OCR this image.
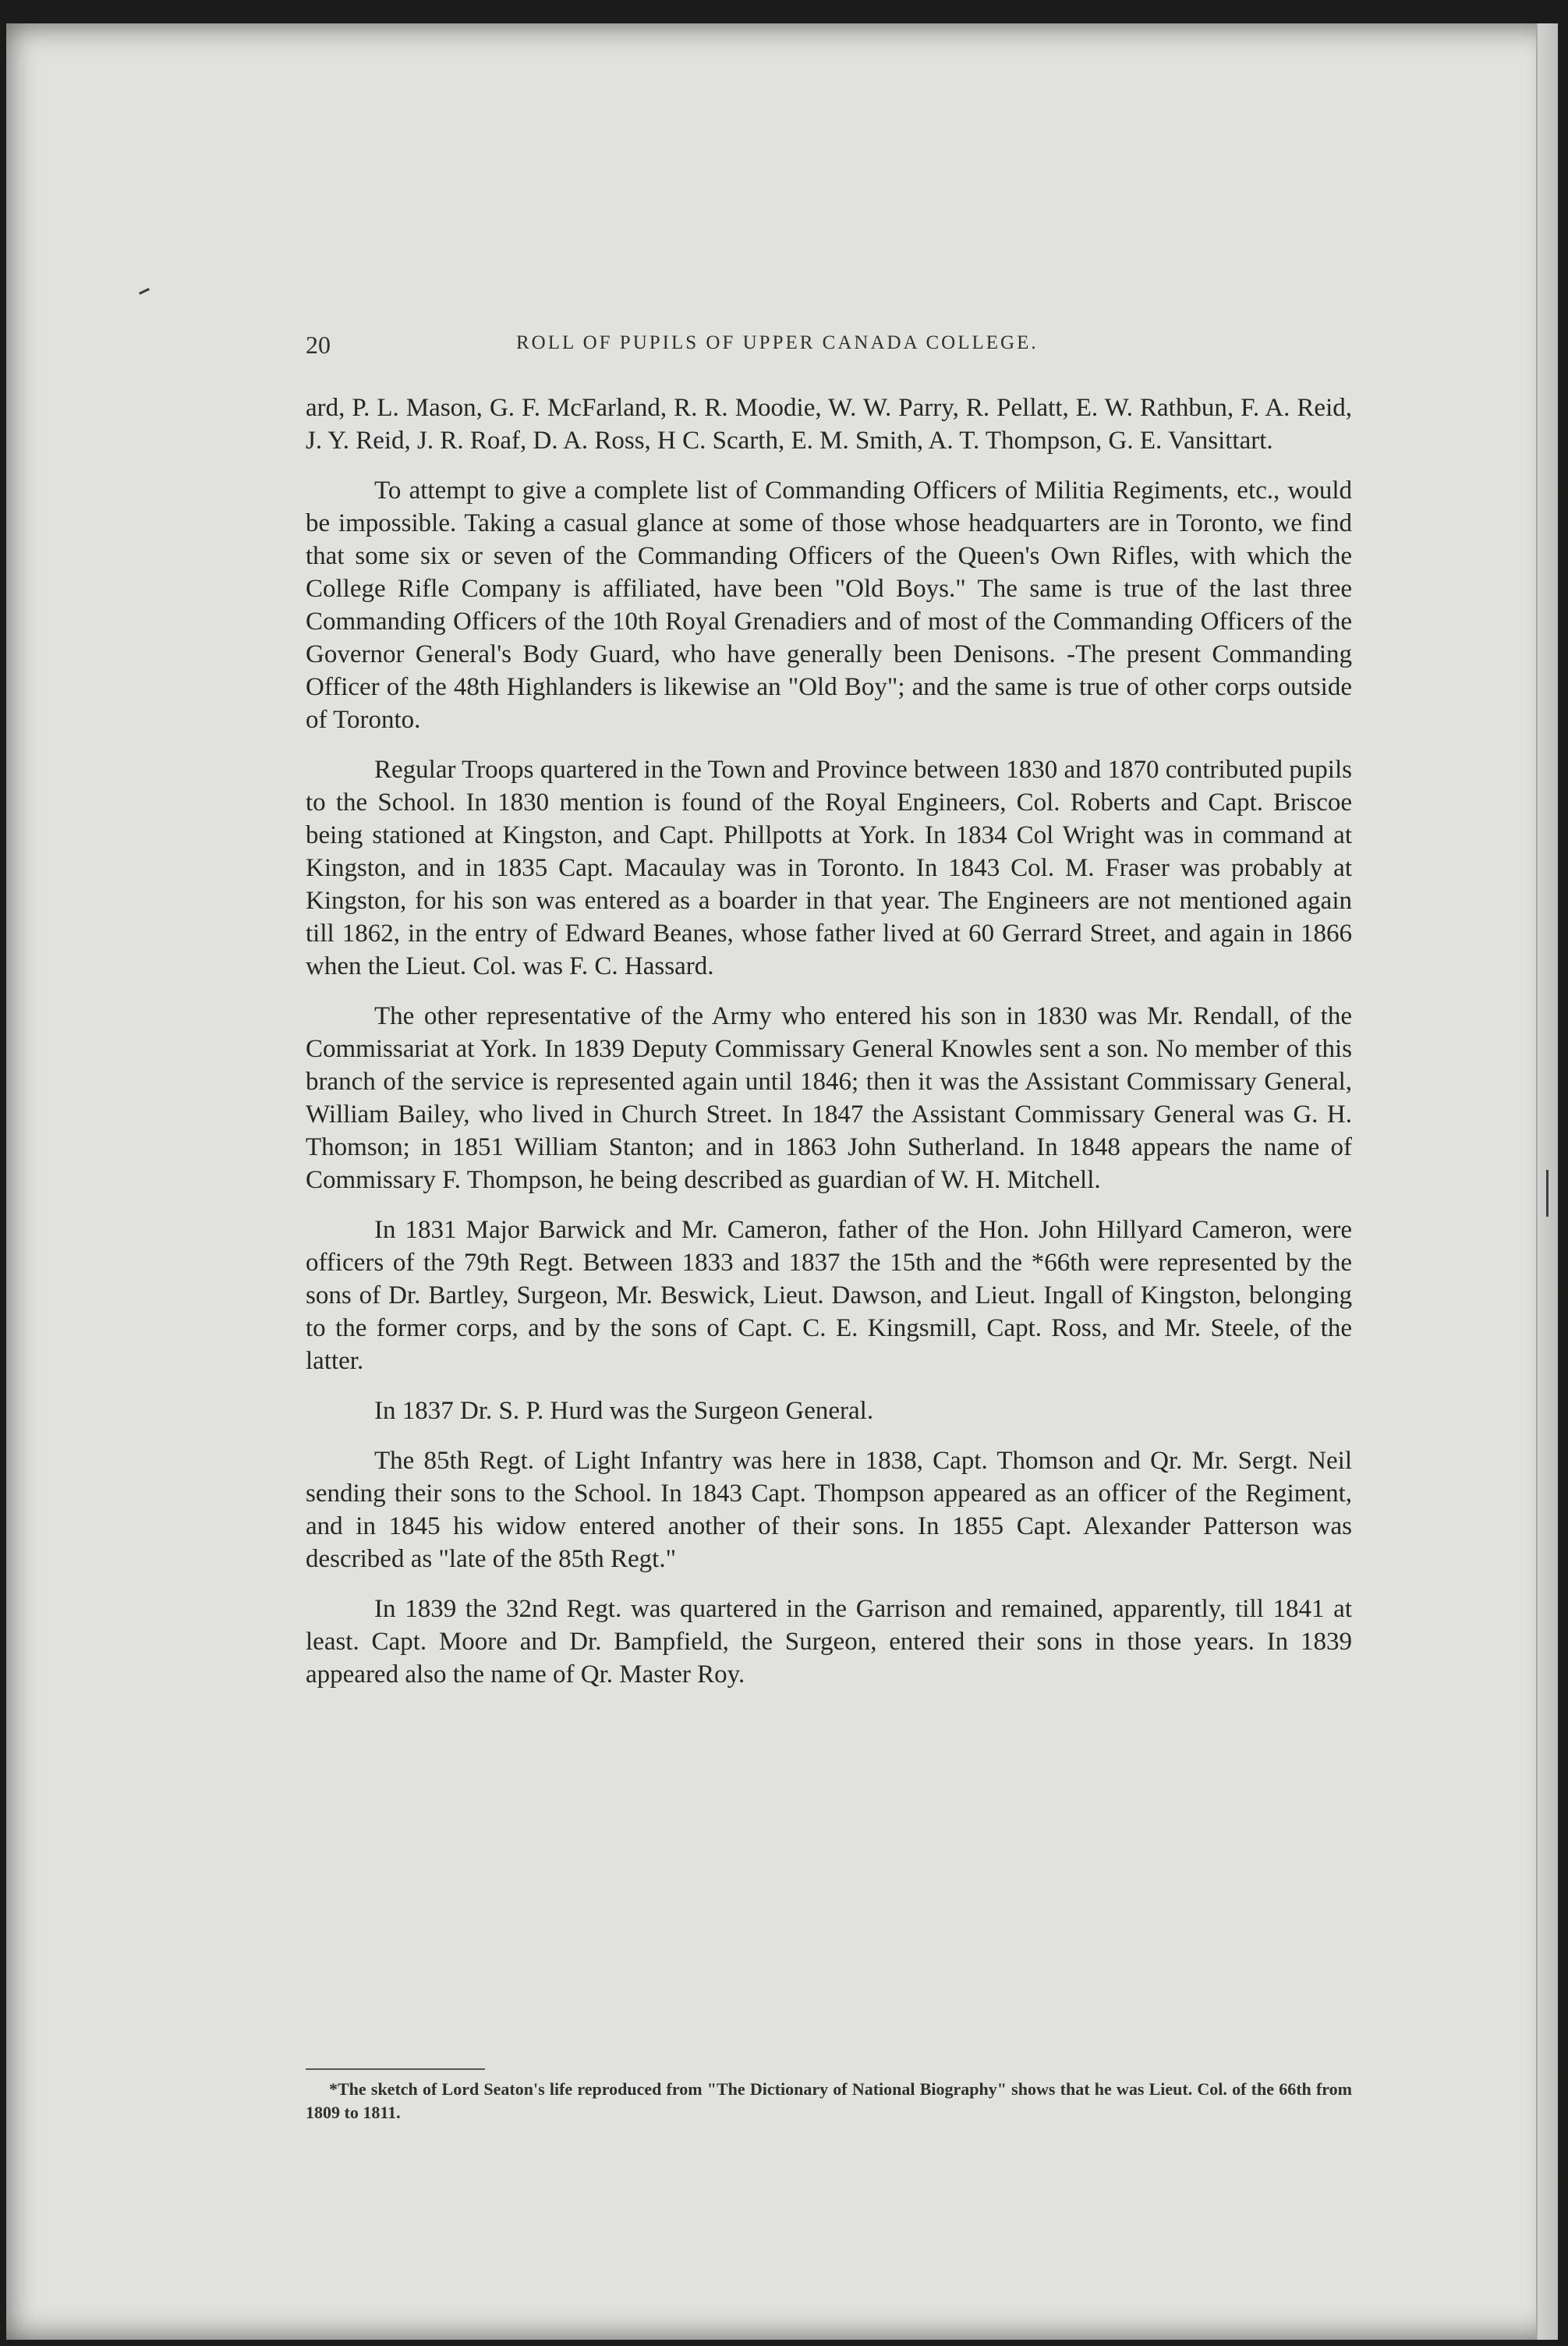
20	ROLL OF PUPILS OF UPPER CANADA COLLEGE.

ard, P. L. Mason, G. F. McFarland, R. R. Moodie, W. W. Parry, R. Pellatt, E. W. Rathbun, F. A. Reid, J. Y. Reid, J. R. Roaf, D. A. Ross, H C. Scarth, E. M. Smith, A. T. Thompson, G. E. Vansittart.

To attempt to give a complete list of Commanding Officers of Militia Regiments, etc., would be impossible. Taking a casual glance at some of those whose headquarters are in Toronto, we find that some six or seven of the Commanding Officers of the Queen's Own Rifles, with which the College Rifle Company is affiliated, have been "Old Boys." The same is true of the last three Commanding Officers of the 10th Royal Grenadiers and of most of the Commanding Officers of the Governor General's Body Guard, who have generally been Denisons. -The present Commanding Officer of the 48th Highlanders is likewise an "Old Boy"; and the same is true of other corps outside of Toronto.

Regular Troops quartered in the Town and Province between 1830 and 1870 contributed pupils to the School. In 1830 mention is found of the Royal Engineers, Col. Roberts and Capt. Briscoe being stationed at Kingston, and Capt. Phillpotts at York. In 1834 Col Wright was in command at Kingston, and in 1835 Capt. Macaulay was in Toronto. In 1843 Col. M. Fraser was probably at Kingston, for his son was entered as a boarder in that year. The Engineers are not mentioned again till 1862, in the entry of Edward Beanes, whose father lived at 60 Gerrard Street, and again in 1866 when the Lieut. Col. was F. C. Hassard.

The other representative of the Army who entered his son in 1830 was Mr. Rendall, of the Commissariat at York. In 1839 Deputy Commissary General Knowles sent a son. No member of this branch of the service is represented again until 1846; then it was the Assistant Commissary General, William Bailey, who lived in Church Street. In 1847 the Assistant Commissary General was G. H. Thomson; in 1851 William Stanton; and in 1863 John Sutherland. In 1848 appears the name of Commissary F. Thompson, he being described as guardian of W. H. Mitchell.

In 1831 Major Barwick and Mr. Cameron, father of the Hon. John Hillyard Cameron, were officers of the 79th Regt. Between 1833 and 1837 the 15th and the *66th were represented by the sons of Dr. Bartley, Surgeon, Mr. Beswick, Lieut. Dawson, and Lieut. Ingall of Kingston, belonging to the former corps, and by the sons of Capt. C. E. Kingsmill, Capt. Ross, and Mr. Steele, of the latter.

In 1837 Dr. S. P. Hurd was the Surgeon General.

The 85th Regt. of Light Infantry was here in 1838, Capt. Thomson and Qr. Mr. Sergt. Neil sending their sons to the School. In 1843 Capt. Thompson appeared as an officer of the Regiment, and in 1845 his widow entered another of their sons. In 1855 Capt. Alexander Patterson was described as "late of the 85th Regt."

In 1839 the 32nd Regt. was quartered in the Garrison and remained, apparently, till 1841 at least. Capt. Moore and Dr. Bampfield, the Surgeon, entered their sons in those years. In 1839 appeared also the name of Qr. Master Roy.

*The sketch of Lord Seaton's life reproduced from "The Dictionary of National Biography" shows that he was Lieut. Col. of the 66th from 1809 to 1811.
